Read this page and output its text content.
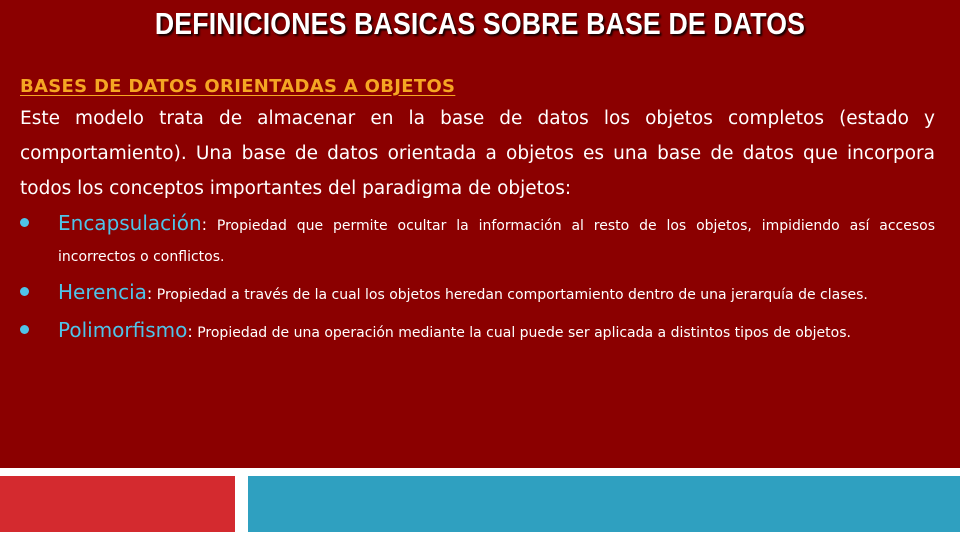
DEFINICIONES BASICAS SOBRE BASE DE DATOS
BASES DE DATOS ORIENTADAS A OBJETOS

Este modelo trata de almacenar en la base de datos los objetos completos (estado y comportamiento). Una base de datos orientada a objetos es una base de datos que incorpora todos los conceptos importantes del paradigma de objetos:

Encapsulación: Propiedad que permite ocultar la información al resto de los objetos, impidiendo así accesos incorrectos o conflictos.

Herencia: Propiedad a través de la cual los objetos heredan comportamiento dentro de una jerarquía de clases.

Polimorfismo: Propiedad de una operación mediante la cual puede ser aplicada a distintos tipos de objetos.
